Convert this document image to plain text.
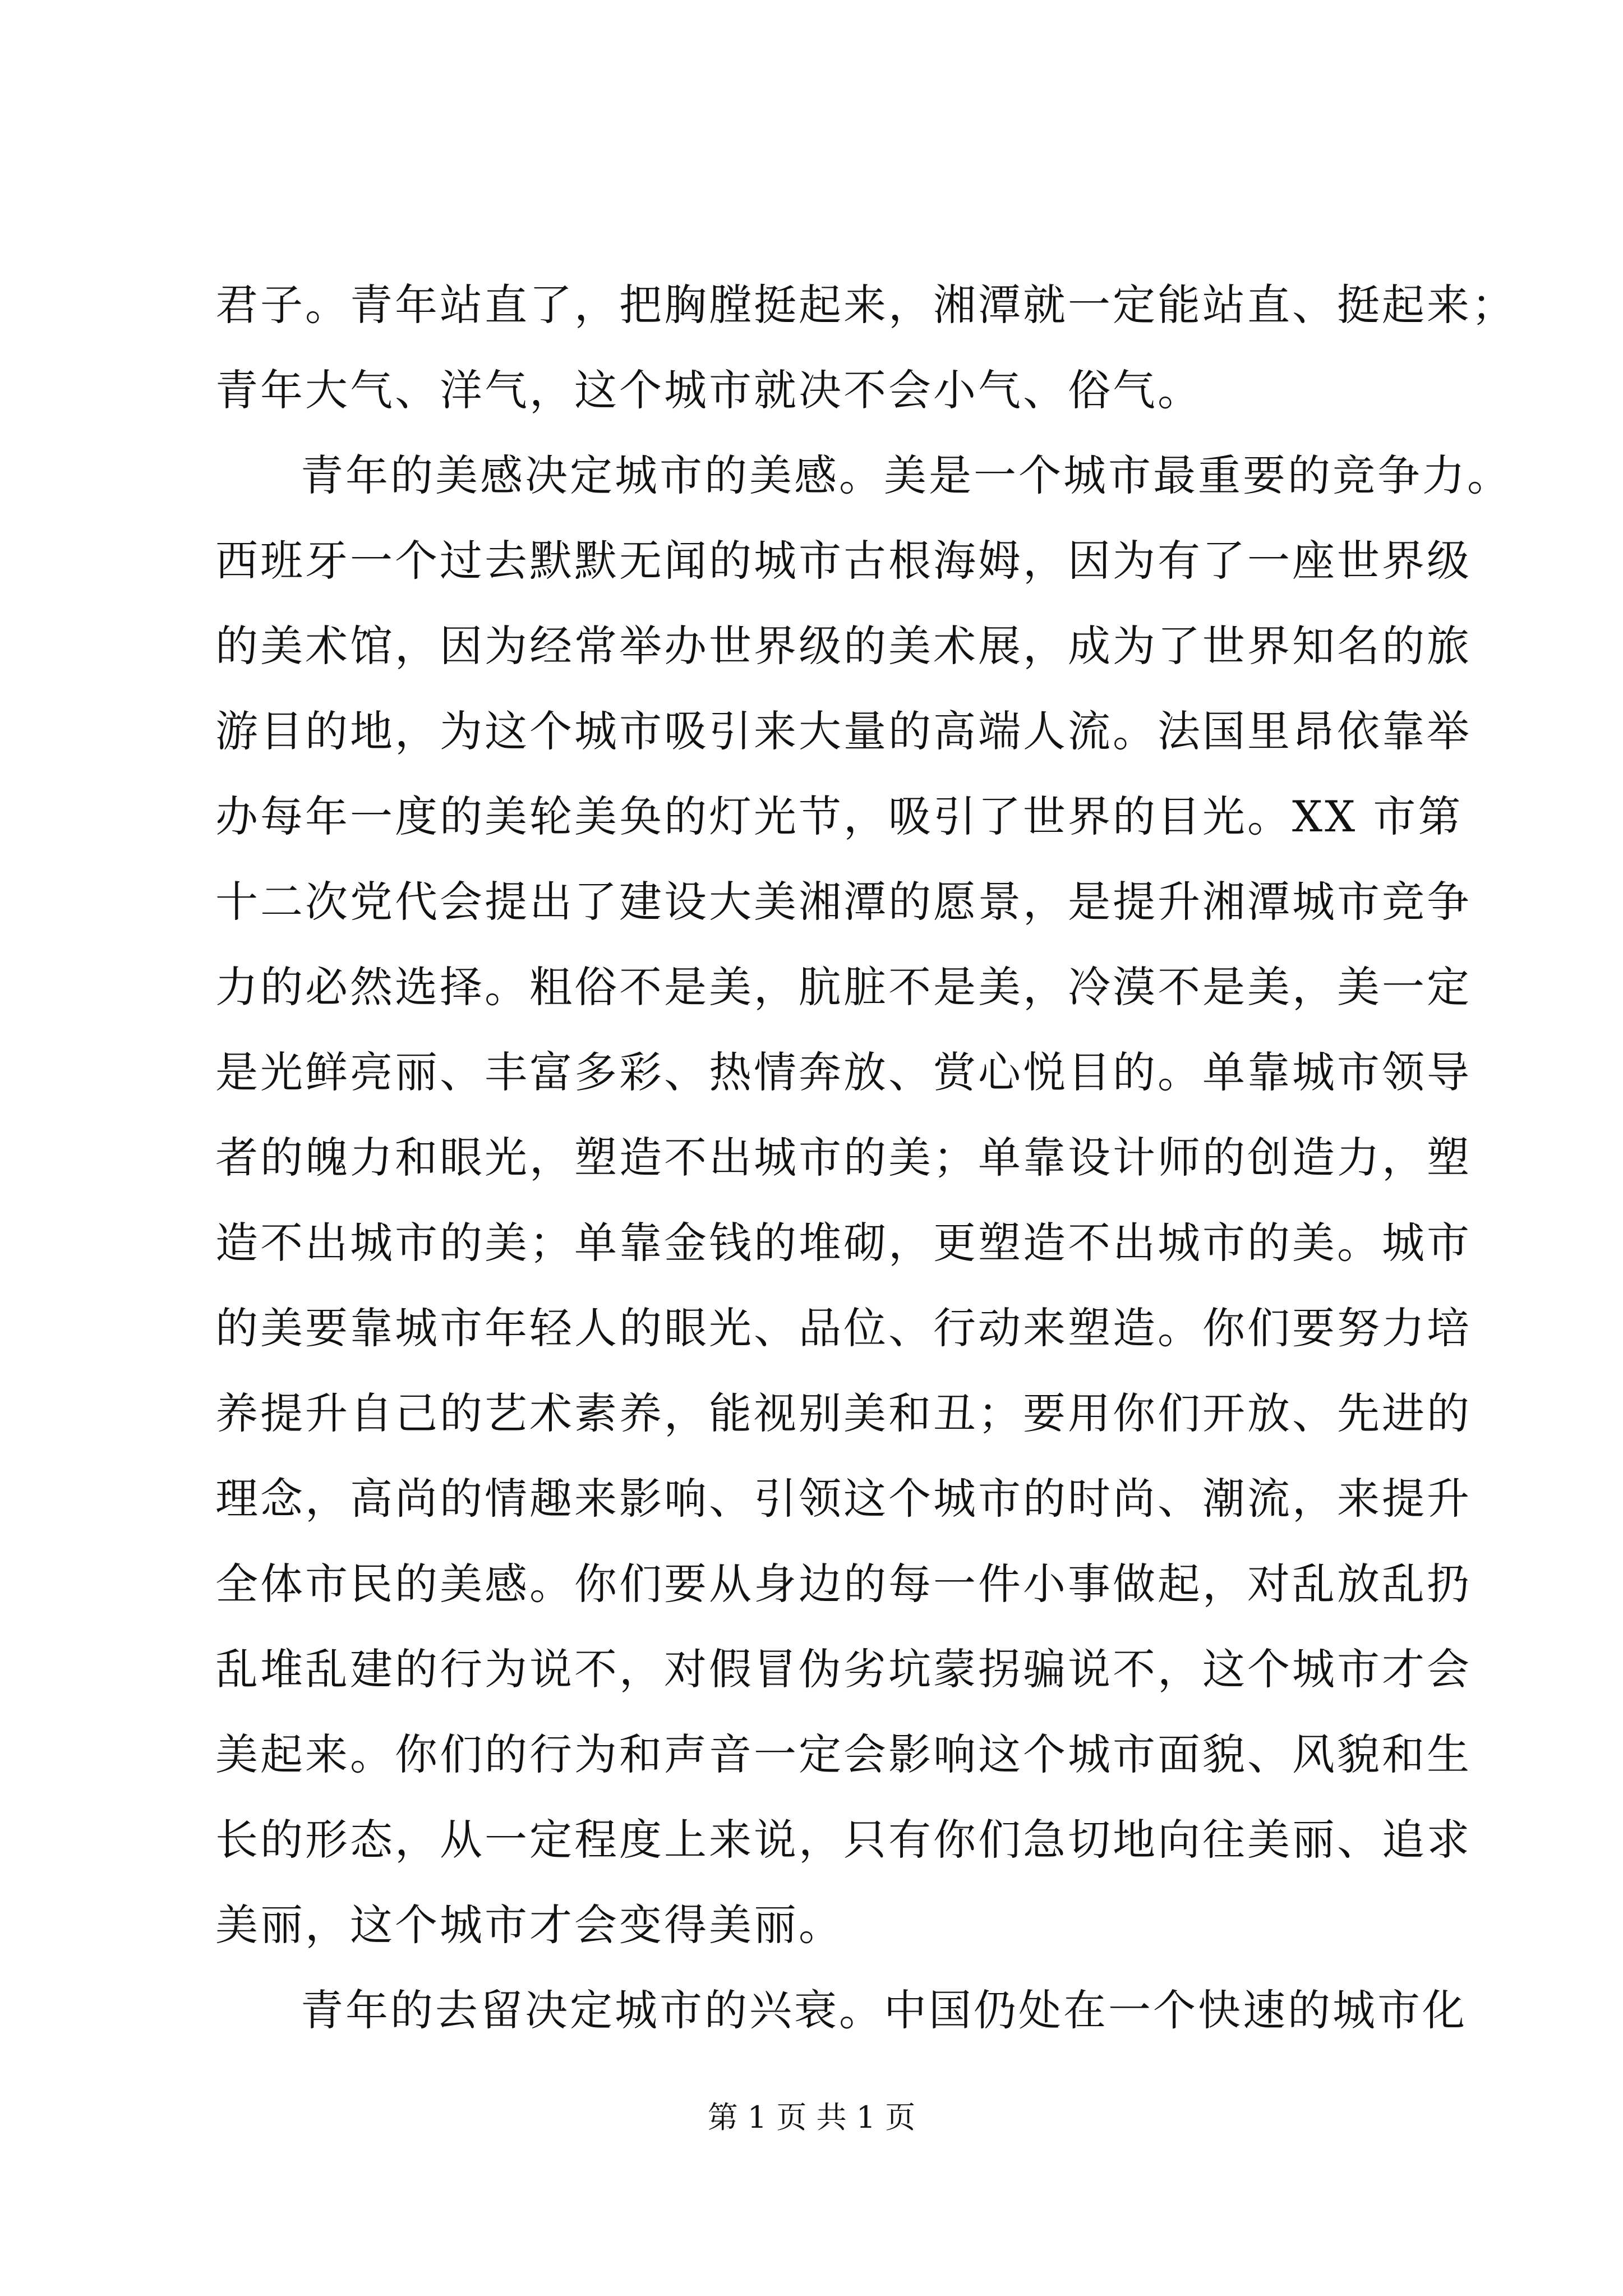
君子。青年站直了，把胸膛挺起来，湘潭就一定能站直、挺起来；
青年大气、洋气，这个城市就决不会小气、俗气。
青年的美感决定城市的美感。美是一个城市最重要的竞争力。
西班牙一个过去默默无闻的城市古根海姆，因为有了一座世界级
的美术馆，因为经常举办世界级的美术展，成为了世界知名的旅
游目的地，为这个城市吸引来大量的高端人流。法国里昂依靠举
办每年一度的美轮美奂的灯光节，吸引了世界的目光。XX 市第
十二次党代会提出了建设大美湘潭的愿景，是提升湘潭城市竞争
力的必然选择。粗俗不是美，肮脏不是美，冷漠不是美，美一定
是光鲜亮丽、丰富多彩、热情奔放、赏心悦目的。单靠城市领导
者的魄力和眼光，塑造不出城市的美；单靠设计师的创造力，塑
造不出城市的美；单靠金钱的堆砌，更塑造不出城市的美。城市
的美要靠城市年轻人的眼光、品位、行动来塑造。你们要努力培
养提升自己的艺术素养，能视别美和丑；要用你们开放、先进的
理念，高尚的情趣来影响、引领这个城市的时尚、潮流，来提升
全体市民的美感。你们要从身边的每一件小事做起，对乱放乱扔
乱堆乱建的行为说不，对假冒伪劣坑蒙拐骗说不，这个城市才会
美起来。你们的行为和声音一定会影响这个城市面貌、风貌和生
长的形态，从一定程度上来说，只有你们急切地向往美丽、追求
美丽，这个城市才会变得美丽。
青年的去留决定城市的兴衰。中国仍处在一个快速的城市化
第 1 页 共 1 页
